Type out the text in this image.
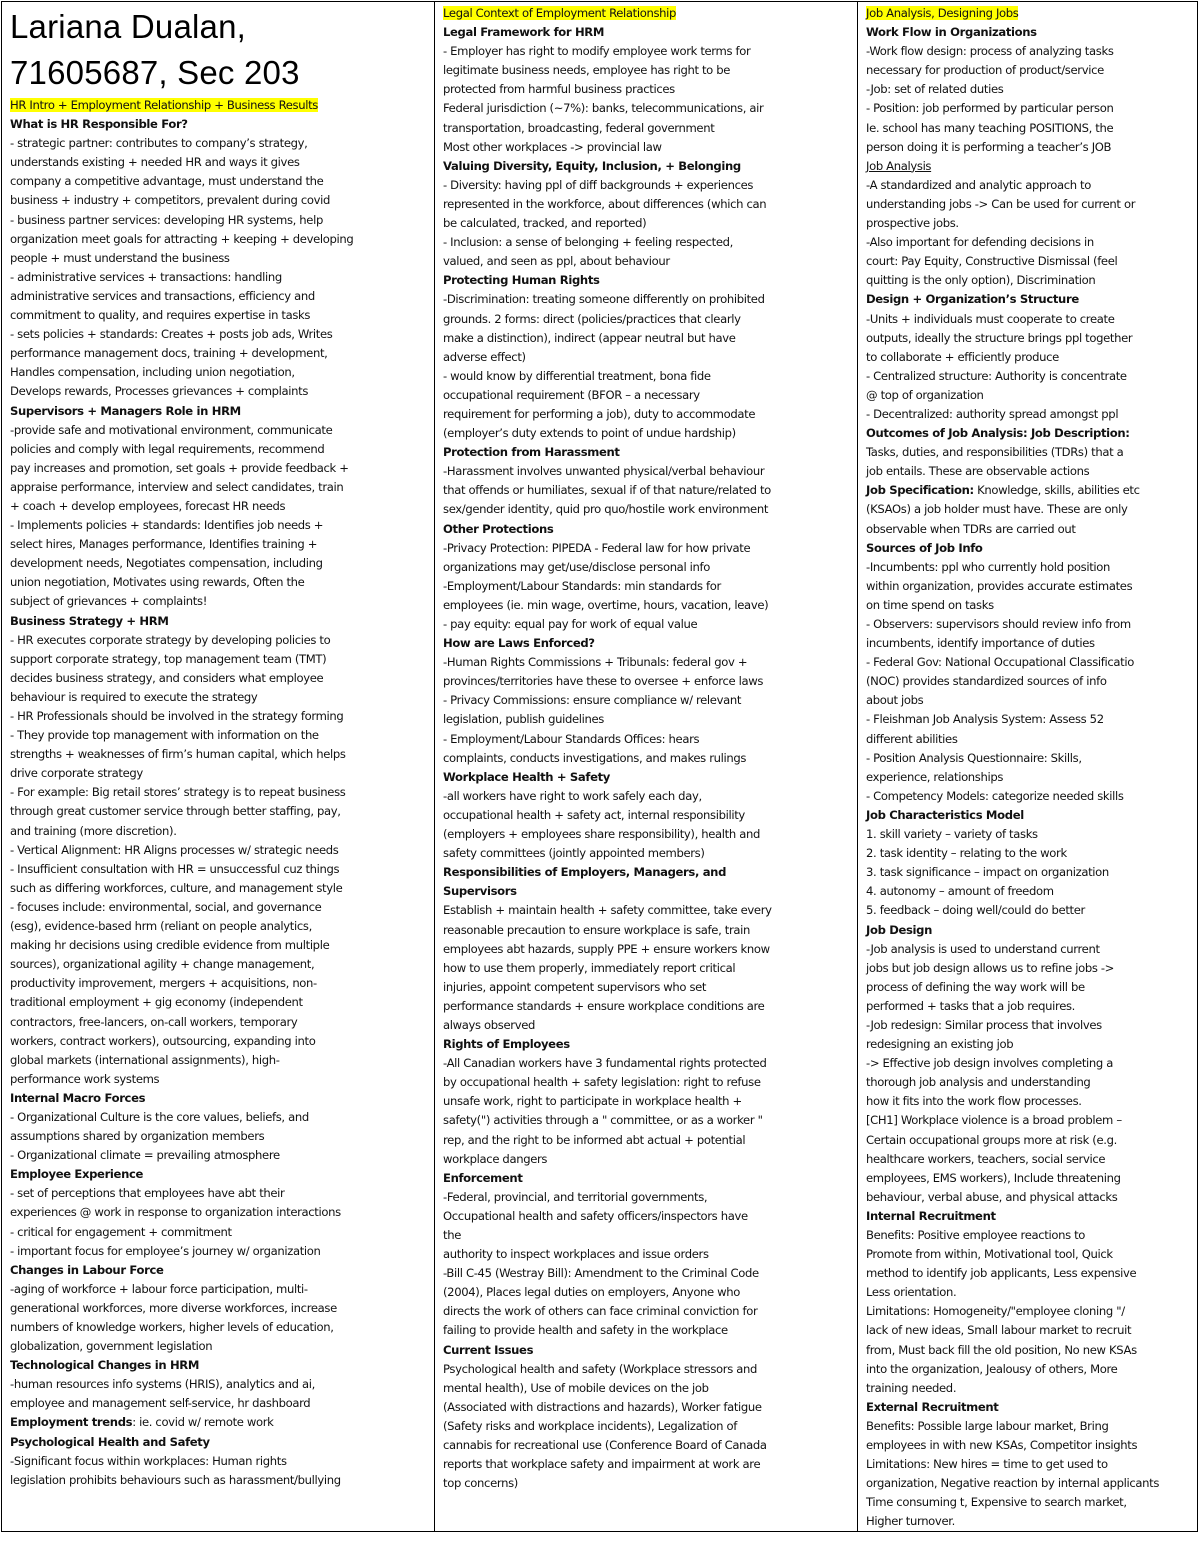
Lariana Dualan,
71605687, Sec 203
HR Intro + Employment Relationship + Business Results
What is HR Responsible For?
- strategic partner: contributes to company’s strategy,
understands existing + needed HR and ways it gives
company a competitive advantage, must understand the
business + industry + competitors, prevalent during covid
- business partner services: developing HR systems, help
organization meet goals for attracting + keeping + developing
people + must understand the business
- administrative services + transactions: handling
administrative services and transactions, efficiency and
commitment to quality, and requires expertise in tasks
- sets policies + standards: Creates + posts job ads, Writes
performance management docs, training + development,
Handles compensation, including union negotiation,
Develops rewards, Processes grievances + complaints
Supervisors + Managers Role in HRM
-provide safe and motivational environment, communicate
policies and comply with legal requirements, recommend
pay increases and promotion, set goals + provide feedback +
appraise performance, interview and select candidates, train
+ coach + develop employees, forecast HR needs
- Implements policies + standards: Identifies job needs +
select hires, Manages performance, Identifies training +
development needs, Negotiates compensation, including
union negotiation, Motivates using rewards, Often the
subject of grievances + complaints!
Business Strategy + HRM
- HR executes corporate strategy by developing policies to
support corporate strategy, top management team (TMT)
decides business strategy, and considers what employee
behaviour is required to execute the strategy
- HR Professionals should be involved in the strategy forming
- They provide top management with information on the
strengths + weaknesses of firm’s human capital, which helps
drive corporate strategy
- For example: Big retail stores’ strategy is to repeat business
through great customer service through better staffing, pay,
and training (more discretion).
- Vertical Alignment: HR Aligns processes w/ strategic needs
- Insufficient consultation with HR = unsuccessful cuz things
such as differing workforces, culture, and management style
- focuses include: environmental, social, and governance
(esg), evidence-based hrm (reliant on people analytics,
making hr decisions using credible evidence from multiple
sources), organizational agility + change management,
productivity improvement, mergers + acquisitions, non-
traditional employment + gig economy (independent
contractors, free-lancers, on-call workers, temporary
workers, contract workers), outsourcing, expanding into
global markets (international assignments), high-
performance work systems
Internal Macro Forces
- Organizational Culture is the core values, beliefs, and
assumptions shared by organization members
- Organizational climate = prevailing atmosphere
Employee Experience
- set of perceptions that employees have abt their
experiences @ work in response to organization interactions
- critical for engagement + commitment
- important focus for employee’s journey w/ organization
Changes in Labour Force
-aging of workforce + labour force participation, multi-
generational workforces, more diverse workforces, increase
numbers of knowledge workers, higher levels of education,
globalization, government legislation
Technological Changes in HRM
-human resources info systems (HRIS), analytics and ai,
employee and management self-service, hr dashboard
Employment trends: ie. covid w/ remote work
Psychological Health and Safety
-Significant focus within workplaces: Human rights
legislation prohibits behaviours such as harassment/bullying
Legal Context of Employment Relationship
Legal Framework for HRM
- Employer has right to modify employee work terms for
legitimate business needs, employee has right to be
protected from harmful business practices
Federal jurisdiction (~7%): banks, telecommunications, air
transportation, broadcasting, federal government
Most other workplaces -> provincial law
Valuing Diversity, Equity, Inclusion, + Belonging
- Diversity: having ppl of diff backgrounds + experiences
represented in the workforce, about differences (which can
be calculated, tracked, and reported)
- Inclusion: a sense of belonging + feeling respected,
valued, and seen as ppl, about behaviour
Protecting Human Rights
-Discrimination: treating someone differently on prohibited
grounds. 2 forms: direct (policies/practices that clearly
make a distinction), indirect (appear neutral but have
adverse effect)
- would know by differential treatment, bona fide
occupational requirement (BFOR – a necessary
requirement for performing a job), duty to accommodate
(employer’s duty extends to point of undue hardship)
Protection from Harassment
-Harassment involves unwanted physical/verbal behaviour
that offends or humiliates, sexual if of that nature/related to
sex/gender identity, quid pro quo/hostile work environment
Other Protections
-Privacy Protection: PIPEDA - Federal law for how private
organizations may get/use/disclose personal info
-Employment/Labour Standards: min standards for
employees (ie. min wage, overtime, hours, vacation, leave)
- pay equity: equal pay for work of equal value
How are Laws Enforced?
-Human Rights Commissions + Tribunals: federal gov +
provinces/territories have these to oversee + enforce laws
- Privacy Commissions: ensure compliance w/ relevant
legislation, publish guidelines
- Employment/Labour Standards Offices: hears
complaints, conducts investigations, and makes rulings
Workplace Health + Safety
-all workers have right to work safely each day,
occupational health + safety act, internal responsibility
(employers + employees share responsibility), health and
safety committees (jointly appointed members)
Responsibilities of Employers, Managers, and
Supervisors
Establish + maintain health + safety committee, take every
reasonable precaution to ensure workplace is safe, train
employees abt hazards, supply PPE + ensure workers know
how to use them properly, immediately report critical
injuries, appoint competent supervisors who set
performance standards + ensure workplace conditions are
always observed
Rights of Employees
-All Canadian workers have 3 fundamental rights protected
by occupational health + safety legislation: right to refuse
unsafe work, right to participate in workplace health +
safety(") activities through a " committee, or as a worker "
rep, and the right to be informed abt actual + potential
workplace dangers
Enforcement
-Federal, provincial, and territorial governments,
Occupational health and safety officers/inspectors have
the
authority to inspect workplaces and issue orders
-Bill C-45 (Westray Bill): Amendment to the Criminal Code
(2004), Places legal duties on employers, Anyone who
directs the work of others can face criminal conviction for
failing to provide health and safety in the workplace
Current Issues
Psychological health and safety (Workplace stressors and
mental health), Use of mobile devices on the job
(Associated with distractions and hazards), Worker fatigue
(Safety risks and workplace incidents), Legalization of
cannabis for recreational use (Conference Board of Canada
reports that workplace safety and impairment at work are
top concerns)
Job Analysis, Designing Jobs
Work Flow in Organizations
-Work flow design: process of analyzing tasks
necessary for production of product/service
-Job: set of related duties
- Position: job performed by particular person
Ie. school has many teaching POSITIONS, the
person doing it is performing a teacher’s JOB
Job Analysis
-A standardized and analytic approach to
understanding jobs -> Can be used for current or
prospective jobs.
-Also important for defending decisions in
court: Pay Equity, Constructive Dismissal (feel
quitting is the only option), Discrimination
Design + Organization’s Structure
-Units + individuals must cooperate to create
outputs, ideally the structure brings ppl together
to collaborate + efficiently produce
- Centralized structure: Authority is concentrate
@ top of organization
- Decentralized: authority spread amongst ppl
Outcomes of Job Analysis: Job Description:
Tasks, duties, and responsibilities (TDRs) that a
job entails. These are observable actions
Job Specification: Knowledge, skills, abilities etc
(KSAOs) a job holder must have. These are only
observable when TDRs are carried out
Sources of Job Info
-Incumbents: ppl who currently hold position
within organization, provides accurate estimates
on time spend on tasks
- Observers: supervisors should review info from
incumbents, identify importance of duties
- Federal Gov: National Occupational Classificatio
(NOC) provides standardized sources of info
about jobs
- Fleishman Job Analysis System: Assess 52
different abilities
- Position Analysis Questionnaire: Skills,
experience, relationships
- Competency Models: categorize needed skills
Job Characteristics Model
1. skill variety – variety of tasks
2. task identity – relating to the work
3. task significance – impact on organization
4. autonomy – amount of freedom
5. feedback – doing well/could do better
Job Design
-Job analysis is used to understand current
jobs but job design allows us to refine jobs ->
process of defining the way work will be
performed + tasks that a job requires.
-Job redesign: Similar process that involves
redesigning an existing job
-> Effective job design involves completing a
thorough job analysis and understanding
how it fits into the work flow processes.
[CH1] Workplace violence is a broad problem –
Certain occupational groups more at risk (e.g.
healthcare workers, teachers, social service
employees, EMS workers), Include threatening
behaviour, verbal abuse, and physical attacks
Internal Recruitment
Benefits: Positive employee reactions to
Promote from within, Motivational tool, Quick
method to identify job applicants, Less expensive
Less orientation.
Limitations: Homogeneity/"employee cloning "/
lack of new ideas, Small labour market to recruit
from, Must back fill the old position, No new KSAs
into the organization, Jealousy of others, More
training needed.
External Recruitment
Benefits: Possible large labour market, Bring
employees in with new KSAs, Competitor insights
Limitations: New hires = time to get used to
organization, Negative reaction by internal applicants
Time consuming t, Expensive to search market,
Higher turnover.
